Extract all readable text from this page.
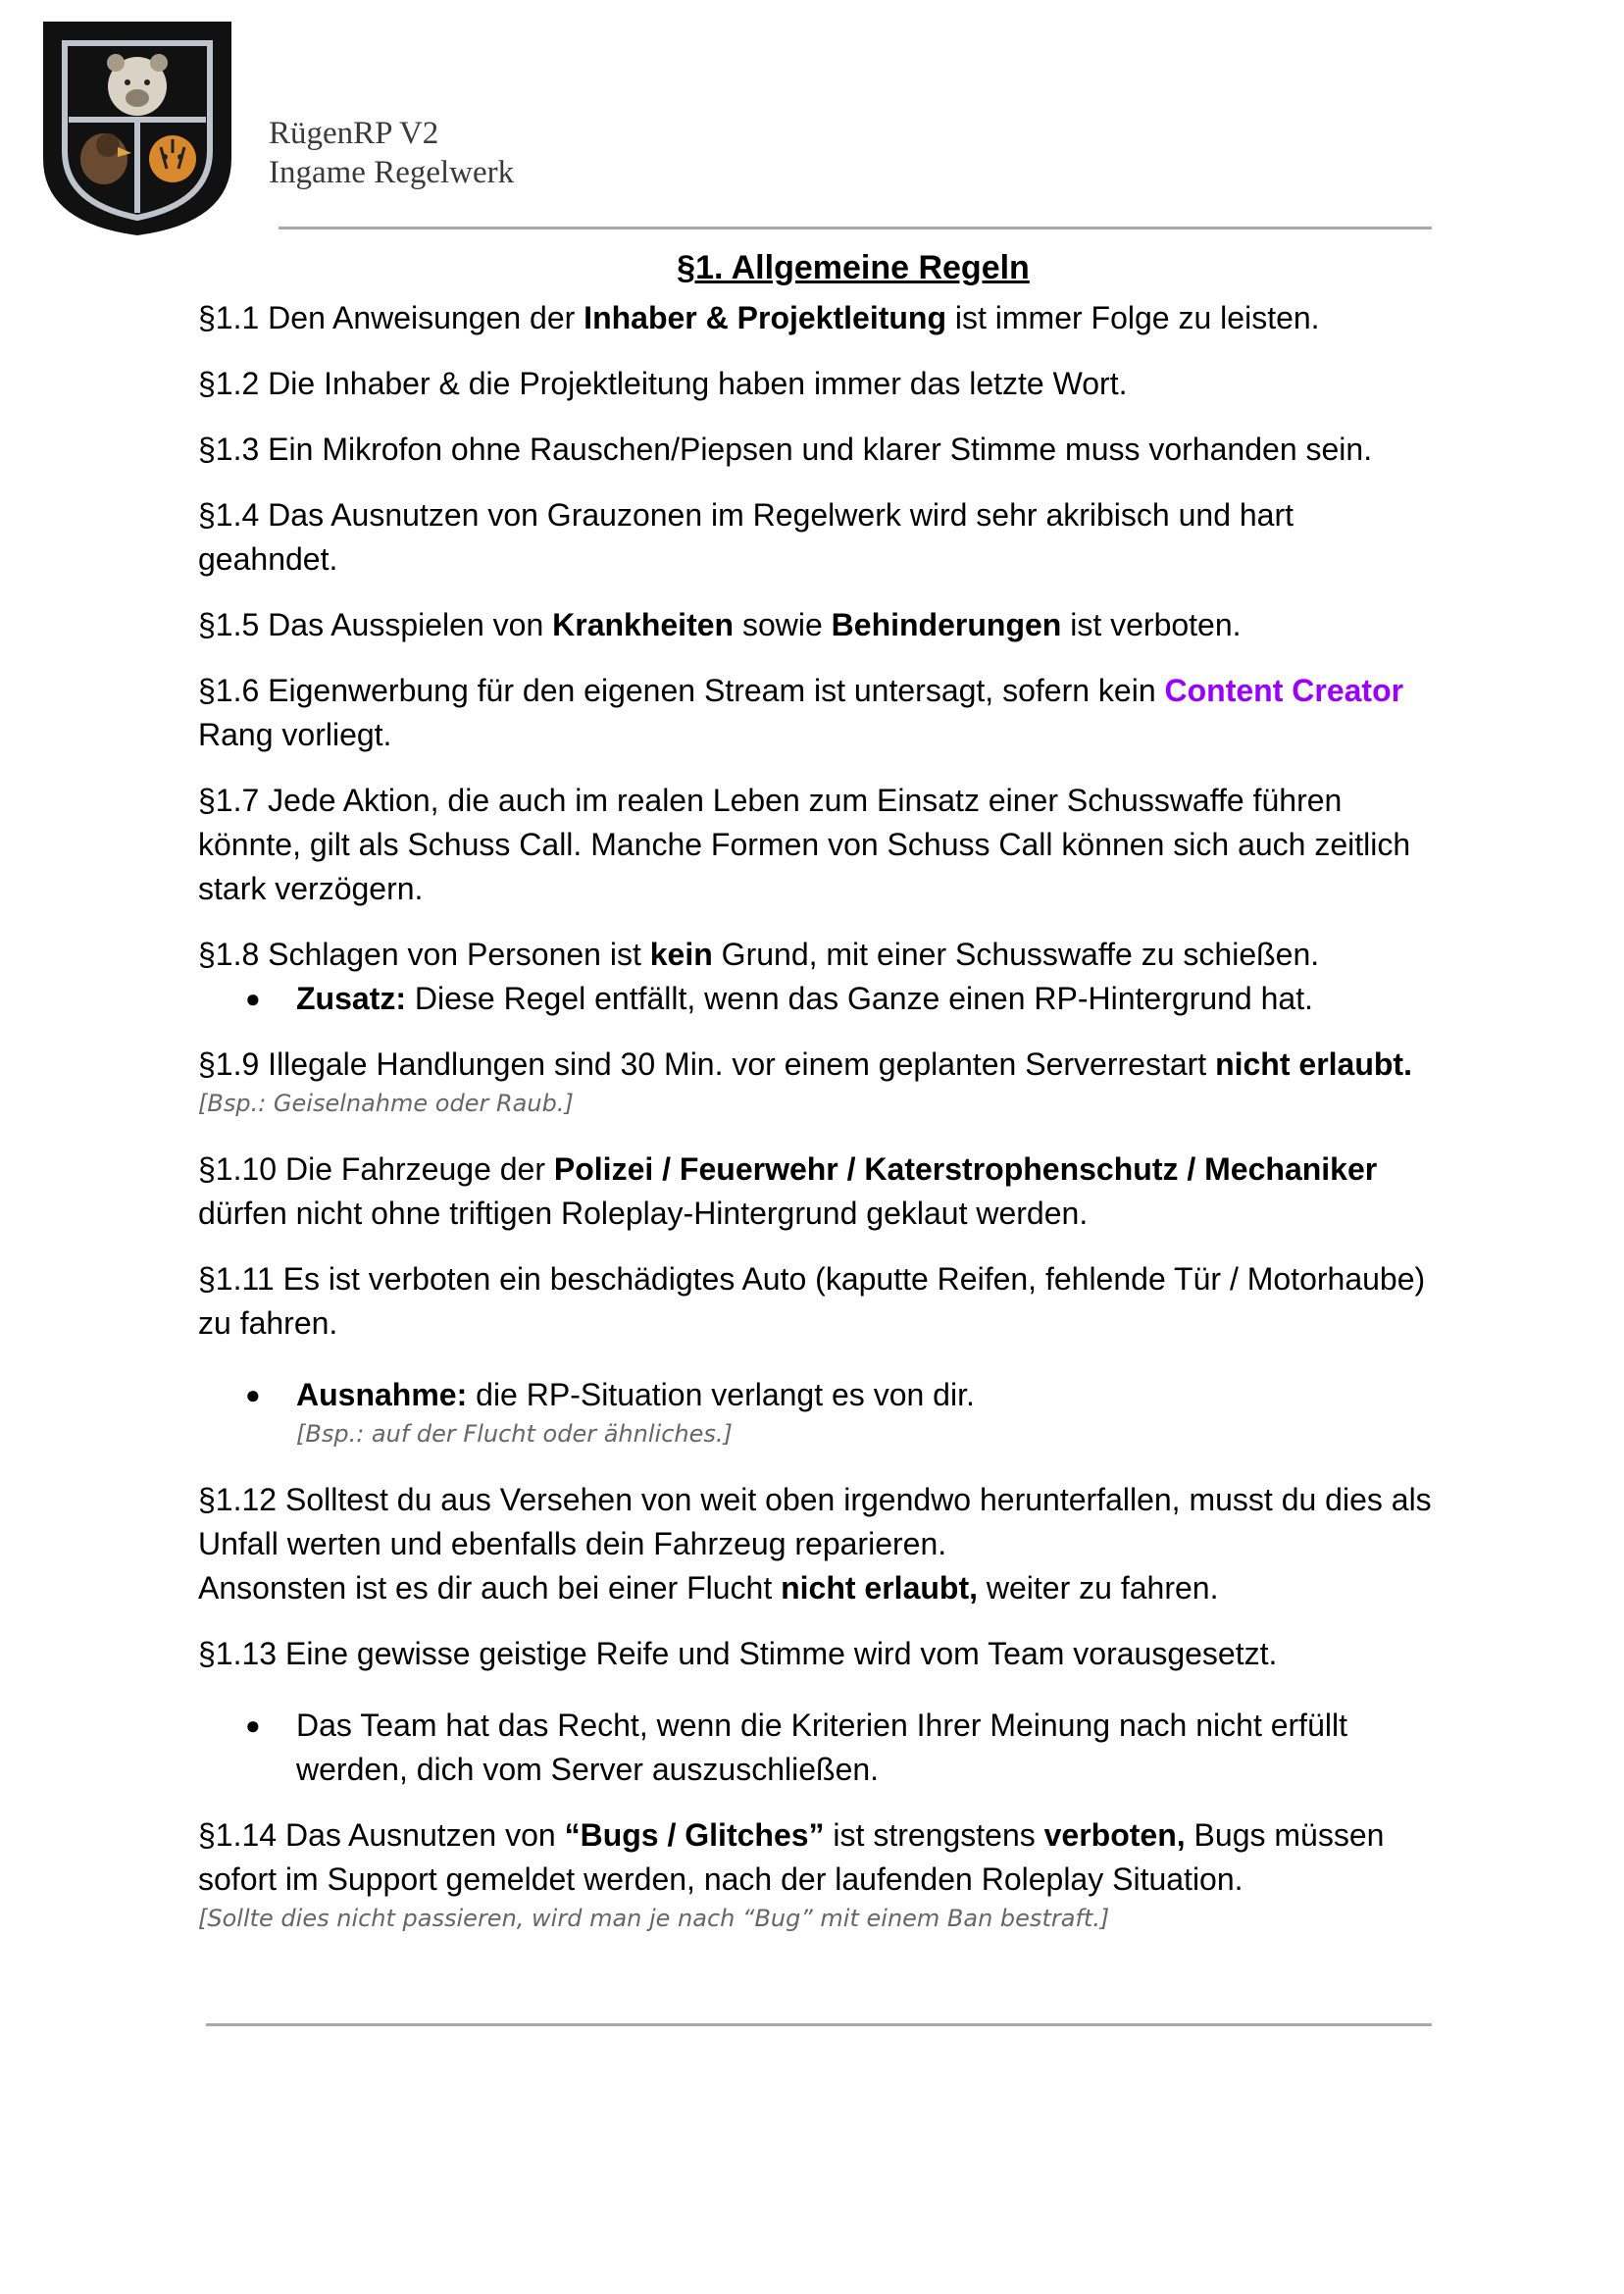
RügenRP V2
Ingame Regelwerk
§1. Allgemeine Regeln

§1.1 Den Anweisungen der Inhaber & Projektleitung ist immer Folge zu leisten.

§1.2 Die Inhaber & die Projektleitung haben immer das letzte Wort.

§1.3 Ein Mikrofon ohne Rauschen/Piepsen und klarer Stimme muss vorhanden sein.

§1.4 Das Ausnutzen von Grauzonen im Regelwerk wird sehr akribisch und hart geahndet.

§1.5 Das Ausspielen von Krankheiten sowie Behinderungen ist verboten.

§1.6 Eigenwerbung für den eigenen Stream ist untersagt, sofern kein Content Creator Rang vorliegt.

§1.7 Jede Aktion, die auch im realen Leben zum Einsatz einer Schusswaffe führen könnte, gilt als Schuss Call. Manche Formen von Schuss Call können sich auch zeitlich stark verzögern.

§1.8 Schlagen von Personen ist kein Grund, mit einer Schusswaffe zu schießen.

● Zusatz: Diese Regel entfällt, wenn das Ganze einen RP-Hintergrund hat.

§1.9 Illegale Handlungen sind 30 Min. vor einem geplanten Serverrestart nicht erlaubt.

[Bsp.: Geiselnahme oder Raub.]

§1.10 Die Fahrzeuge der Polizei / Feuerwehr / Katerstrophenschutz / Mechaniker dürfen nicht ohne triftigen Roleplay-Hintergrund geklaut werden.

§1.11 Es ist verboten ein beschädigtes Auto (kaputte Reifen, fehlende Tür / Motorhaube) zu fahren.

● Ausnahme: die RP-Situation verlangt es von dir.
[Bsp.: auf der Flucht oder ähnliches.]

§1.12 Solltest du aus Versehen von weit oben irgendwo herunterfallen, musst du dies als Unfall werten und ebenfalls dein Fahrzeug reparieren.
Ansonsten ist es dir auch bei einer Flucht nicht erlaubt, weiter zu fahren.

§1.13 Eine gewisse geistige Reife und Stimme wird vom Team vorausgesetzt.

● Das Team hat das Recht, wenn die Kriterien Ihrer Meinung nach nicht erfüllt werden, dich vom Server auszuschließen.

§1.14 Das Ausnutzen von “Bugs / Glitches” ist strengstens verboten, Bugs müssen sofort im Support gemeldet werden, nach der laufenden Roleplay Situation.

[Sollte dies nicht passieren, wird man je nach “Bug” mit einem Ban bestraft.]
